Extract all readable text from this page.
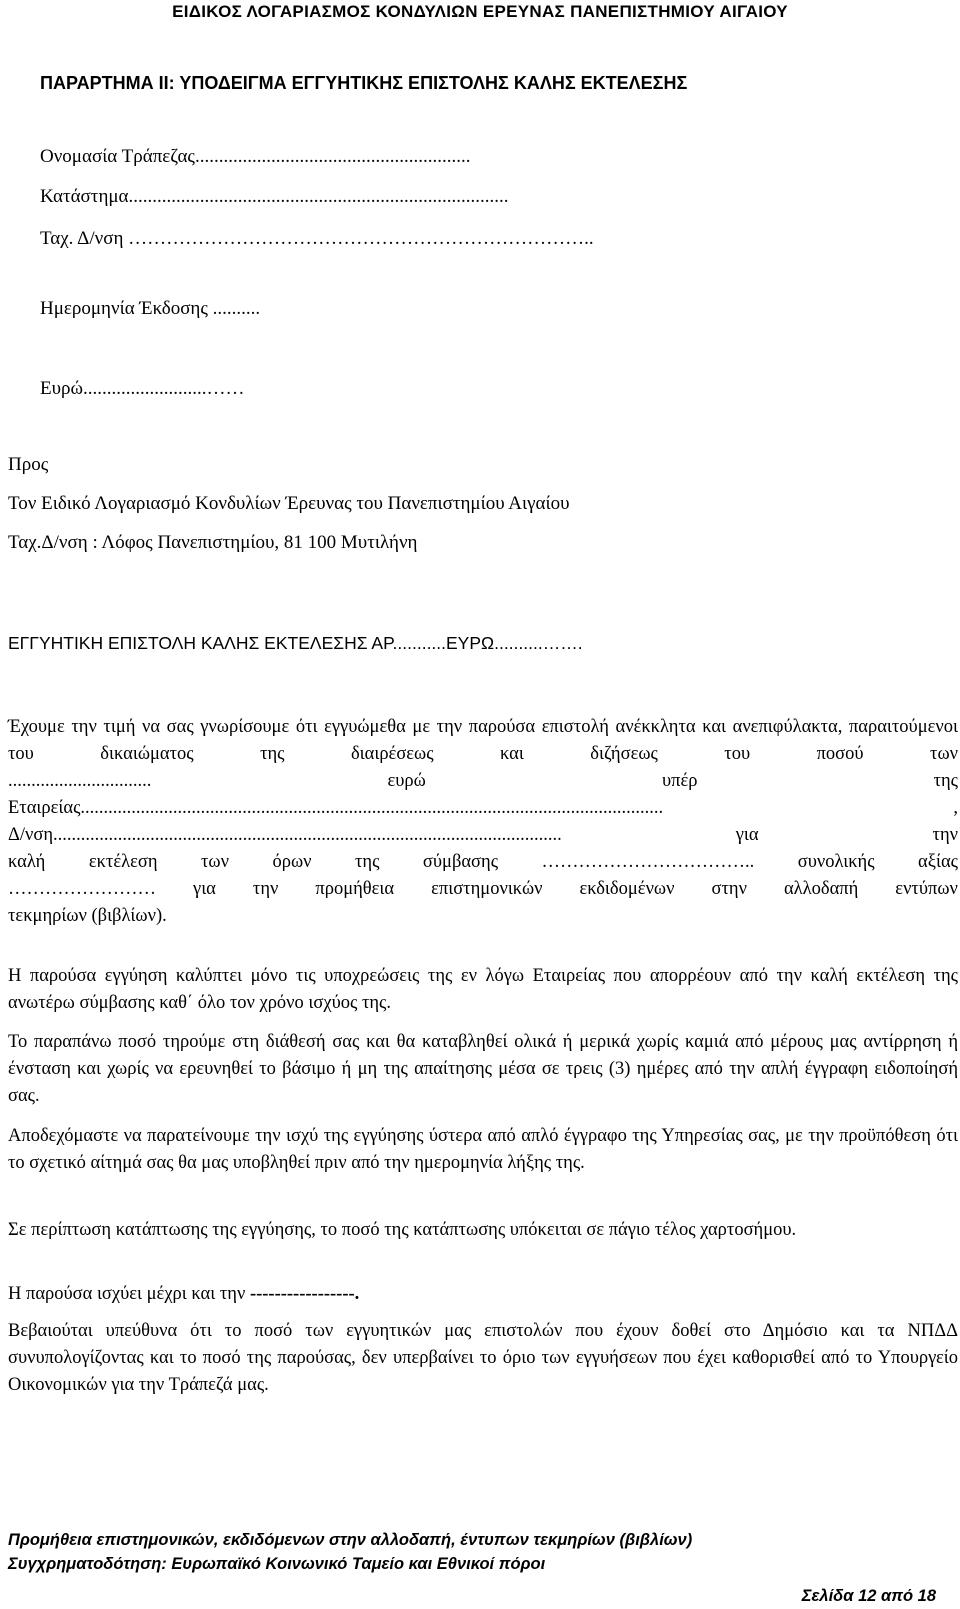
ΕΙΔΙΚΟΣ ΛΟΓΑΡΙΑΣΜΟΣ ΚΟΝΔΥΛΙΩΝ ΕΡΕΥΝΑΣ ΠΑΝΕΠΙΣΤΗΜΙΟΥ ΑΙΓΑΙΟΥ
ΠΑΡΑΡΤΗΜΑ ΙΙ: ΥΠΟΔΕΙΓΜΑ ΕΓΓΥΗΤΙΚΗΣ ΕΠΙΣΤΟΛΗΣ ΚΑΛΗΣ ΕΚΤΕΛΕΣΗΣ
Ονομασία Τράπεζας..........................................................
Κατάστημα................................................................................
Ταχ. Δ/νση ………………………………………………………………..
Ημερομηνία Έκδοσης ..........
Ευρώ..........................……
Προς
Τον Ειδικό Λογαριασμό Κονδυλίων Έρευνας του Πανεπιστημίου Αιγαίου
Ταχ.Δ/νση : Λόφος Πανεπιστημίου, 81 100 Μυτιλήνη
ΕΓΓΥΗΤΙΚΗ ΕΠΙΣΤΟΛΗ ΚΑΛΗΣ ΕΚΤΕΛΕΣΗΣ ΑΡ...........ΕΥΡΩ..........…….
Έχουμε την τιμή να σας γνωρίσουμε ότι εγγυώμεθα με την παρούσα επιστολή ανέκκλητα και ανεπιφύλακτα, παραιτούμενοι του δικαιώματος της διαιρέσεως και διζήσεως του ποσού των
...............................	ευρώ	υπέρ	της
Εταιρείας..............................................................................................................................	,
Δ/νση..............................................................................................................	για	την
καλή εκτέλεση των όρων της σύμβασης …………………………….. συνολικής αξίας
…………………… για την προμήθεια επιστημονικών εκδιδομένων στην αλλοδαπή εντύπων
τεκμηρίων (βιβλίων).
Η παρούσα εγγύηση καλύπτει μόνο τις υποχρεώσεις της εν λόγω Εταιρείας που απορρέουν από την καλή εκτέλεση της ανωτέρω σύμβασης καθ΄ όλο τον χρόνο ισχύος της.
Το παραπάνω ποσό τηρούμε στη διάθεσή σας και θα καταβληθεί ολικά ή μερικά χωρίς καμιά από μέρους μας αντίρρηση ή ένσταση και χωρίς να ερευνηθεί το βάσιμο ή μη της απαίτησης μέσα σε τρεις (3) ημέρες από την απλή έγγραφη ειδοποίησή σας.
Αποδεχόμαστε να παρατείνουμε την ισχύ της εγγύησης ύστερα από απλό έγγραφο της Υπηρεσίας σας, με την προϋπόθεση ότι το σχετικό αίτημά σας θα μας υποβληθεί πριν από την ημερομηνία λήξης της.
Σε περίπτωση κατάπτωσης της εγγύησης, το ποσό της κατάπτωσης υπόκειται σε πάγιο τέλος χαρτοσήμου.
Η παρούσα ισχύει μέχρι και την -----------------.
Βεβαιούται υπεύθυνα ότι το ποσό των εγγυητικών μας επιστολών που έχουν δοθεί στο Δημόσιο και τα ΝΠΔΔ συνυπολογίζοντας και το ποσό της παρούσας, δεν υπερβαίνει το όριο των εγγυήσεων που έχει καθορισθεί από το Υπουργείο Οικονομικών για την Τράπεζά μας.
Προμήθεια επιστημονικών, εκδιδόμενων στην αλλοδαπή, έντυπων τεκμηρίων (βιβλίων)
Συγχρηματοδότηση: Ευρωπαϊκό Κοινωνικό Ταμείο και Εθνικοί πόροι
Σελίδα 12 από 18
